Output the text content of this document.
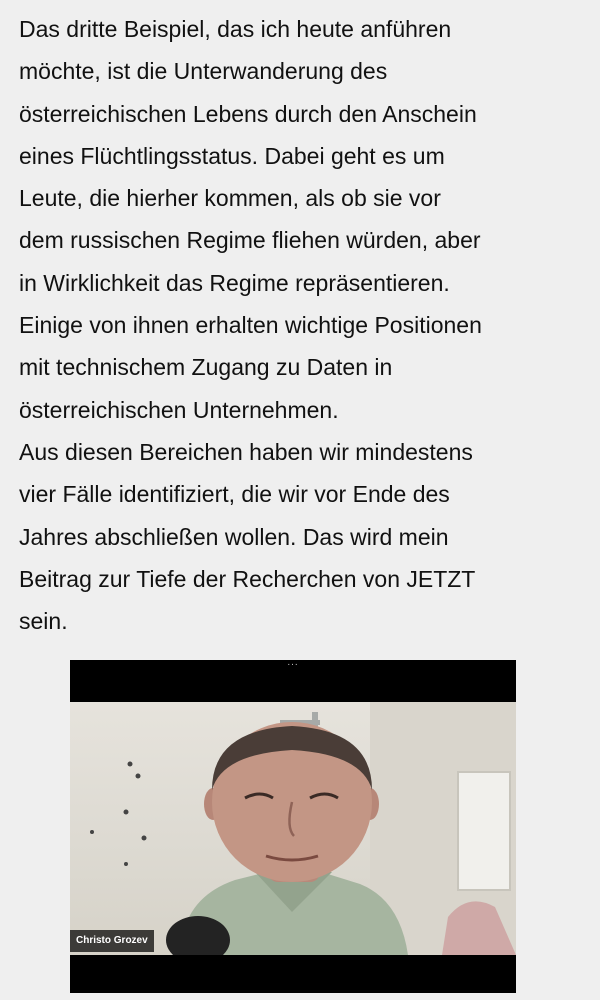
Das dritte Beispiel, das ich heute anführen
möchte, ist die Unterwanderung des
österreichischen Lebens durch den Anschein
eines Flüchtlingsstatus. Dabei geht es um
Leute, die hierher kommen, als ob sie vor
dem russischen Regime fliehen würden, aber
in Wirklichkeit das Regime repräsentieren.
Einige von ihnen erhalten wichtige Positionen
mit technischem Zugang zu Daten in
österreichischen Unternehmen.

Aus diesen Bereichen haben wir mindestens
vier Fälle identifiziert, die wir vor Ende des
Jahres abschließen wollen. Das wird mein
Beitrag zur Tiefe der Recherchen von JETZT
sein.

...
Christo Grozev
